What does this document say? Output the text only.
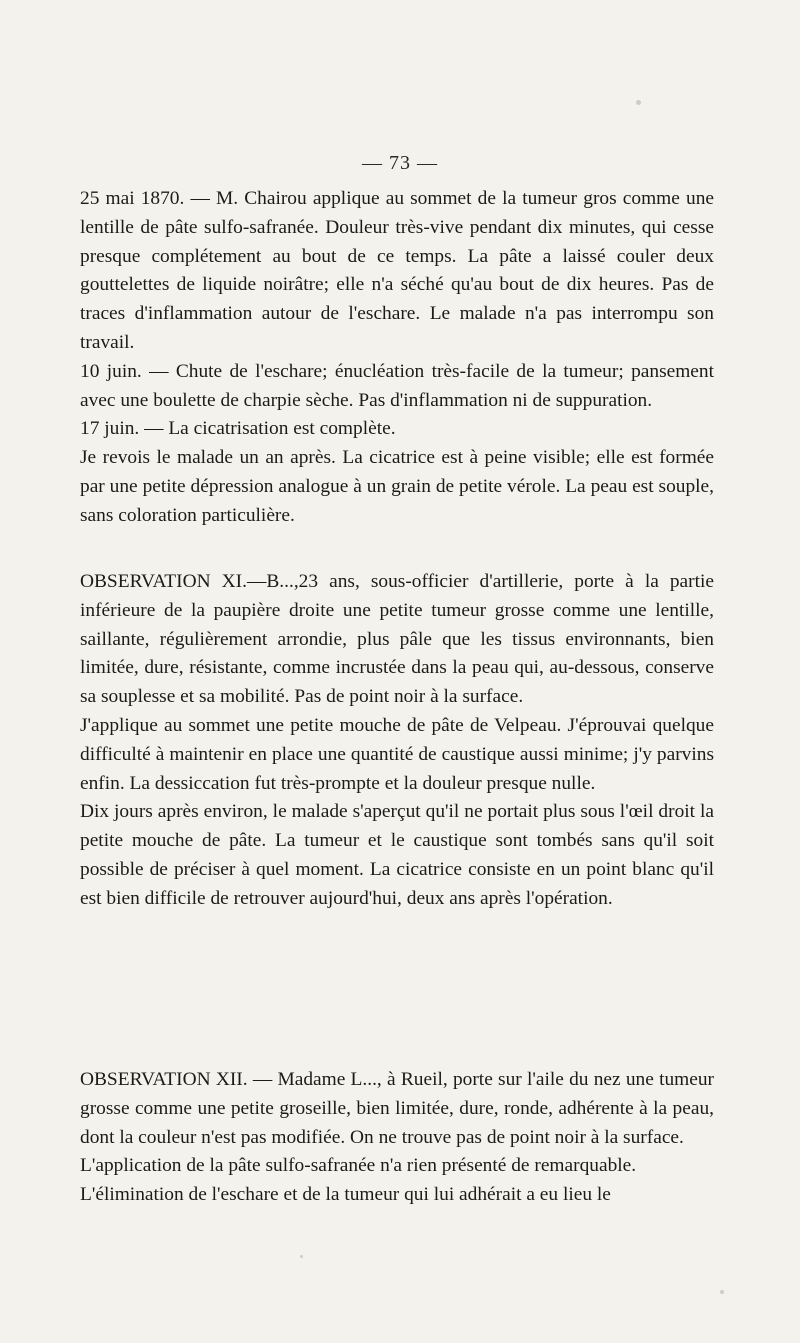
— 73 —

25 mai 1870. — M. Chairou applique au sommet de la tumeur gros comme une lentille de pâte sulfo-safranée. Douleur très-vive pendant dix minutes, qui cesse presque complétement au bout de ce temps. La pâte a laissé couler deux gouttelettes de liquide noirâtre; elle n'a séché qu'au bout de dix heures. Pas de traces d'inflammation autour de l'eschare. Le malade n'a pas interrompu son travail.

10 juin. — Chute de l'eschare; énucléation très-facile de la tumeur; pansement avec une boulette de charpie sèche. Pas d'inflammation ni de suppuration.

17 juin. — La cicatrisation est complète.

Je revois le malade un an après. La cicatrice est à peine visible; elle est formée par une petite dépression analogue à un grain de petite vérole. La peau est souple, sans coloration particulière.

OBSERVATION XI.—B...,23 ans, sous-officier d'artillerie, porte à la partie inférieure de la paupière droite une petite tumeur grosse comme une lentille, saillante, régulièrement arrondie, plus pâle que les tissus environnants, bien limitée, dure, résistante, comme incrustée dans la peau qui, au-dessous, conserve sa souplesse et sa mobilité. Pas de point noir à la surface.

J'applique au sommet une petite mouche de pâte de Velpeau. J'éprouvai quelque difficulté à maintenir en place une quantité de caustique aussi minime; j'y parvins enfin. La dessiccation fut très-prompte et la douleur presque nulle.

Dix jours après environ, le malade s'aperçut qu'il ne portait plus sous l'œil droit la petite mouche de pâte. La tumeur et le caustique sont tombés sans qu'il soit possible de préciser à quel moment. La cicatrice consiste en un point blanc qu'il est bien difficile de retrouver aujourd'hui, deux ans après l'opération.

OBSERVATION XII. — Madame L..., à Rueil, porte sur l'aile du nez une tumeur grosse comme une petite groseille, bien limitée, dure, ronde, adhérente à la peau, dont la couleur n'est pas modifiée. On ne trouve pas de point noir à la surface.

L'application de la pâte sulfo-safranée n'a rien présenté de remarquable.

L'élimination de l'eschare et de la tumeur qui lui adhérait a eu lieu le
